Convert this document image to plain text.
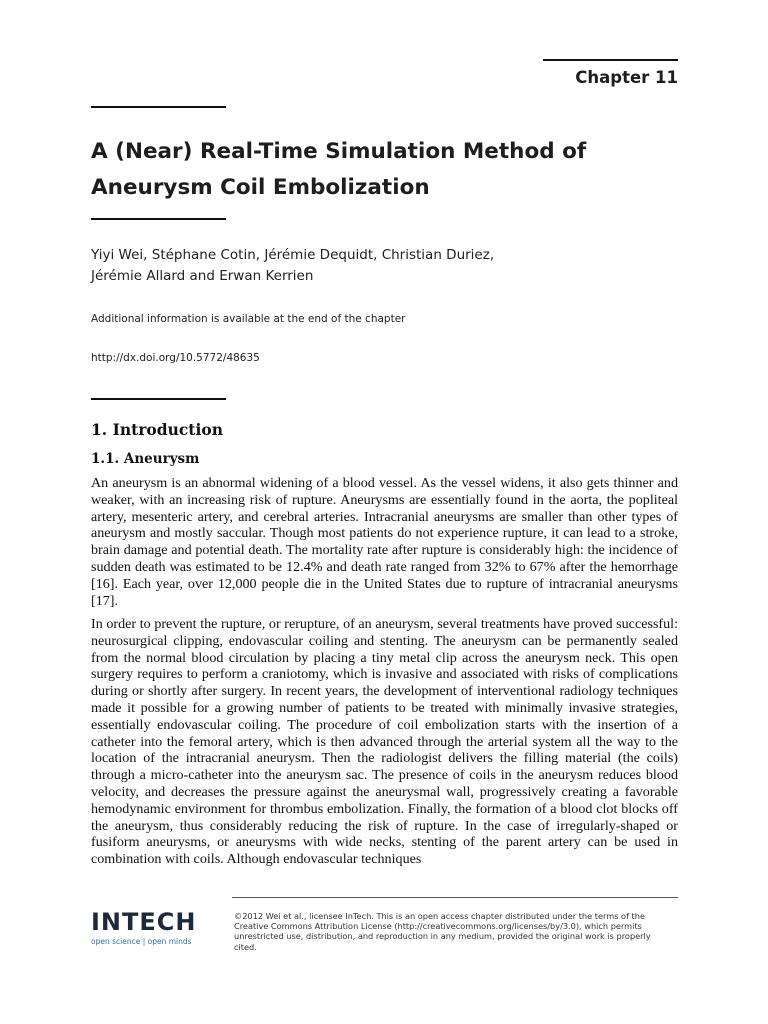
Chapter 11
A (Near) Real-Time Simulation Method of
Aneurysm Coil Embolization
Yiyi Wei, Stéphane Cotin, Jérémie Dequidt, Christian Duriez,
Jérémie Allard and Erwan Kerrien
Additional information is available at the end of the chapter
http://dx.doi.org/10.5772/48635
1. Introduction
1.1. Aneurysm

An aneurysm is an abnormal widening of a blood vessel. As the vessel widens, it also gets thinner and weaker, with an increasing risk of rupture. Aneurysms are essentially found in the aorta, the popliteal artery, mesenteric artery, and cerebral arteries. Intracranial aneurysms are smaller than other types of aneurysm and mostly saccular. Though most patients do not experience rupture, it can lead to a stroke, brain damage and potential death. The mortality rate after rupture is considerably high: the incidence of sudden death was estimated to be 12.4% and death rate ranged from 32% to 67% after the hemorrhage [16]. Each year, over 12,000 people die in the United States due to rupture of intracranial aneurysms [17].

In order to prevent the rupture, or rerupture, of an aneurysm, several treatments have proved successful: neurosurgical clipping, endovascular coiling and stenting. The aneurysm can be permanently sealed from the normal blood circulation by placing a tiny metal clip across the aneurysm neck. This open surgery requires to perform a craniotomy, which is invasive and associated with risks of complications during or shortly after surgery. In recent years, the development of interventional radiology techniques made it possible for a growing number of patients to be treated with minimally invasive strategies, essentially endovascular coiling. The procedure of coil embolization starts with the insertion of a catheter into the femoral artery, which is then advanced through the arterial system all the way to the location of the intracranial aneurysm. Then the radiologist delivers the filling material (the coils) through a micro-catheter into the aneurysm sac. The presence of coils in the aneurysm reduces blood velocity, and decreases the pressure against the aneurysmal wall, progressively creating a favorable hemodynamic environment for thrombus embolization. Finally, the formation of a blood clot blocks off the aneurysm, thus considerably reducing the risk of rupture. In the case of irregularly-shaped or fusiform aneurysms, or aneurysms with wide necks, stenting of the parent artery can be used in combination with coils. Although endovascular techniques

INTECH
open science | open minds
©2012 Wei et al., licensee InTech. This is an open access chapter distributed under the terms of the Creative Commons Attribution License (http://creativecommons.org/licenses/by/3.0), which permits unrestricted use, distribution, and reproduction in any medium, provided the original work is properly cited.
